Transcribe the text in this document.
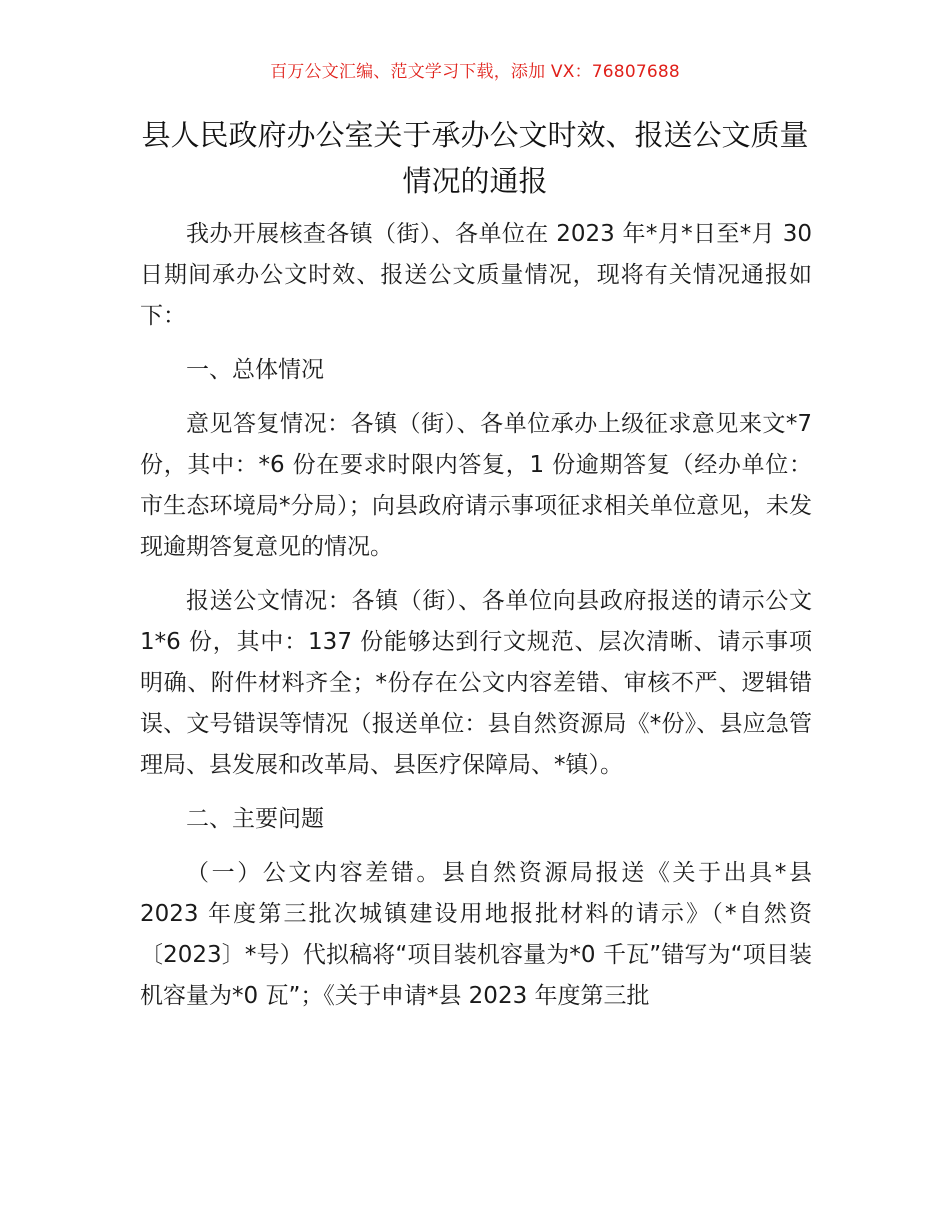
百万公文汇编、范文学习下载，添加 VX：76807688
县人民政府办公室关于承办公文时效、报送公文质量情况的通报

我办开展核查各镇（街）、各单位在 2023 年*月*日至*月 30 日期间承办公文时效、报送公文质量情况，现将有关情况通报如下：

一、总体情况

意见答复情况：各镇（街）、各单位承办上级征求意见来文*7 份，其中：*6 份在要求时限内答复，1 份逾期答复（经办单位：市生态环境局*分局）；向县政府请示事项征求相关单位意见，未发现逾期答复意见的情况。

报送公文情况：各镇（街）、各单位向县政府报送的请示公文 1*6 份，其中：137 份能够达到行文规范、层次清晰、请示事项明确、附件材料齐全；*份存在公文内容差错、审核不严、逻辑错误、文号错误等情况（报送单位：县自然资源局《*份》、县应急管理局、县发展和改革局、县医疗保障局、*镇）。

二、主要问题

（一）公文内容差错。县自然资源局报送《关于出具*县 2023 年度第三批次城镇建设用地报批材料的请示》（*自然资〔2023〕*号）代拟稿将“项目装机容量为*0 千瓦”错写为“项目装机容量为*0 瓦”；《关于申请*县 2023 年度第三批
